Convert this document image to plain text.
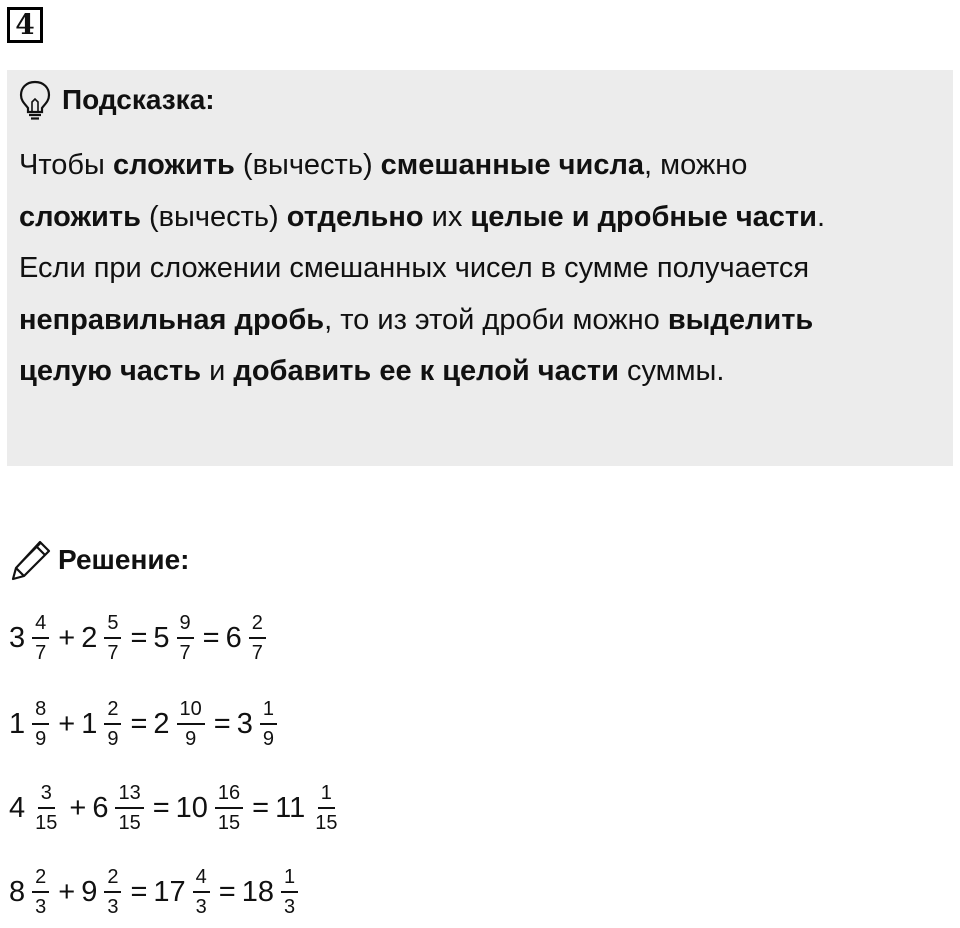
4
Подсказка:
Чтобы сложить (вычесть) смешанные числа, можно
сложить (вычесть) отдельно их целые и дробные части.
Если при сложении смешанных чисел в сумме получается
неправильная дробь, то из этой дроби можно выделить
целую часть и добавить ее к целой части суммы.
Решение:
$3 \frac{4}{7} + 2 \frac{5}{7} = 5 \frac{9}{7} = 6 \frac{2}{7}$
$1 \frac{8}{9} + 1 \frac{2}{9} = 2 \frac{10}{9} = 3 \frac{1}{9}$
$4 \frac{3}{15} + 6 \frac{13}{15} = 10 \frac{16}{15} = 11 \frac{1}{15}$
$8 \frac{2}{3} + 9 \frac{2}{3} = 17 \frac{4}{3} = 18 \frac{1}{3}$
